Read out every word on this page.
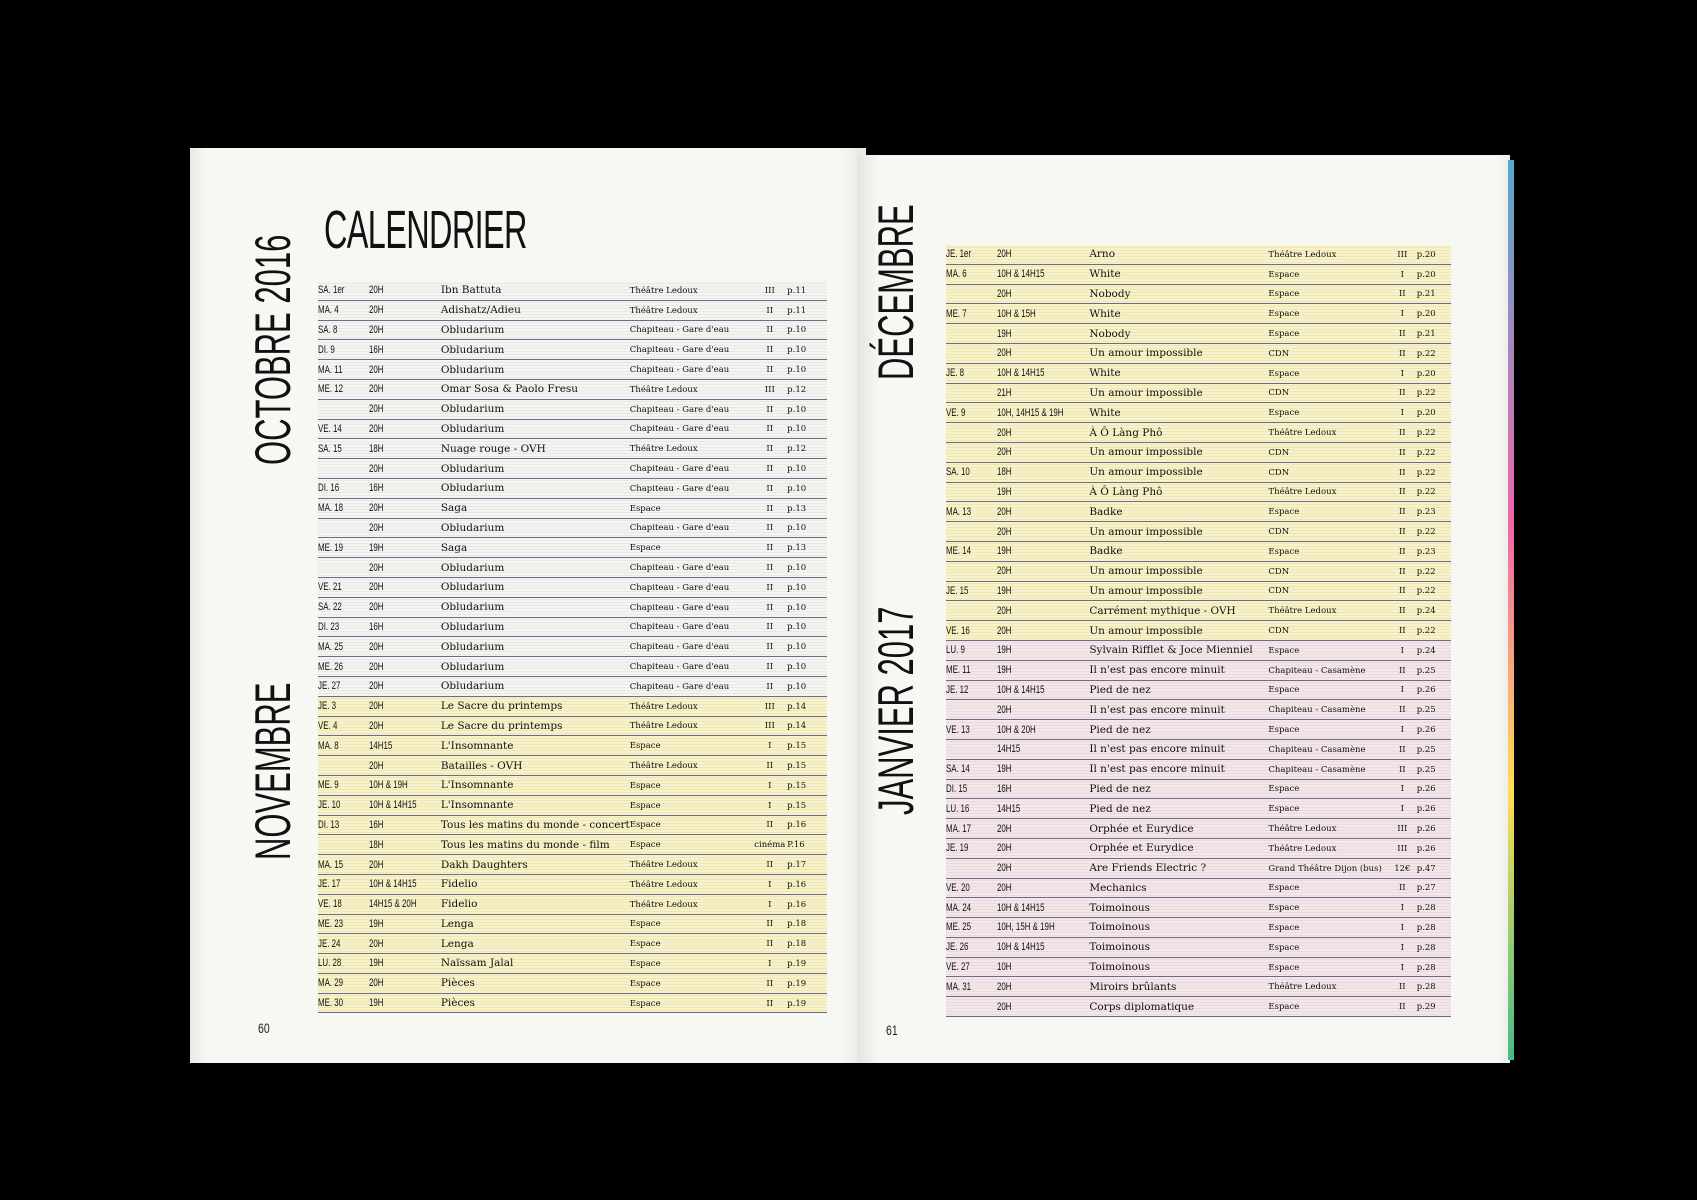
CALENDRIER
OCTOBRE 2016
NOVEMBRE
DÉCEMBRE
JANVIER 2017
SA. 1er	20H	Ibn Battuta	Théâtre Ledoux	III	p.11
MA. 4	20H	Adishatz/Adieu	Théâtre Ledoux	II	p.11
SA. 8	20H	Obludarium	Chapiteau - Gare d'eau	II	p.10
DI. 9	16H	Obludarium	Chapiteau - Gare d'eau	II	p.10
MA. 11	20H	Obludarium	Chapiteau - Gare d'eau	II	p.10
ME. 12	20H	Omar Sosa & Paolo Fresu	Théâtre Ledoux	III	p.12
	20H	Obludarium	Chapiteau - Gare d'eau	II	p.10
VE. 14	20H	Obludarium	Chapiteau - Gare d'eau	II	p.10
SA. 15	18H	Nuage rouge - OVH	Théâtre Ledoux	II	p.12
	20H	Obludarium	Chapiteau - Gare d'eau	II	p.10
DI. 16	16H	Obludarium	Chapiteau - Gare d'eau	II	p.10
MA. 18	20H	Saga	Espace	II	p.13
	20H	Obludarium	Chapiteau - Gare d'eau	II	p.10
ME. 19	19H	Saga	Espace	II	p.13
	20H	Obludarium	Chapiteau - Gare d'eau	II	p.10
VE. 21	20H	Obludarium	Chapiteau - Gare d'eau	II	p.10
SA. 22	20H	Obludarium	Chapiteau - Gare d'eau	II	p.10
DI. 23	16H	Obludarium	Chapiteau - Gare d'eau	II	p.10
MA. 25	20H	Obludarium	Chapiteau - Gare d'eau	II	p.10
ME. 26	20H	Obludarium	Chapiteau - Gare d'eau	II	p.10
JE. 27	20H	Obludarium	Chapiteau - Gare d'eau	II	p.10
JE. 3	20H	Le Sacre du printemps	Théâtre Ledoux	III	p.14
VE. 4	20H	Le Sacre du printemps	Théâtre Ledoux	III	p.14
MA. 8	14H15	L'Insomnante	Espace	I	p.15
	20H	Batailles - OVH	Théâtre Ledoux	II	p.15
ME. 9	10H & 19H	L'Insomnante	Espace	I	p.15
JE. 10	10H & 14H15	L'Insomnante	Espace	I	p.15
DI. 13	16H	Tous les matins du monde - concert	Espace	II	p.16
	18H	Tous les matins du monde - film	Espace	cinéma	P.16
MA. 15	20H	Dakh Daughters	Théâtre Ledoux	II	p.17
JE. 17	10H & 14H15	Fidelio	Théâtre Ledoux	I	p.16
VE. 18	14H15 & 20H	Fidelio	Théâtre Ledoux	I	p.16
ME. 23	19H	Lenga	Espace	II	p.18
JE. 24	20H	Lenga	Espace	II	p.18
LU. 28	19H	Naïssam Jalal	Espace	I	p.19
MA. 29	20H	Pièces	Espace	II	p.19
ME. 30	19H	Pièces	Espace	II	p.19
JE. 1er	20H	Arno	Théâtre Ledoux	III	p.20
MA. 6	10H & 14H15	White	Espace	I	p.20
	20H	Nobody	Espace	II	p.21
ME. 7	10H & 15H	White	Espace	I	p.20
	19H	Nobody	Espace	II	p.21
	20H	Un amour impossible	CDN	II	p.22
JE. 8	10H & 14H15	White	Espace	I	p.20
	21H	Un amour impossible	CDN	II	p.22
VE. 9	10H, 14H15 & 19H	White	Espace	I	p.20
	20H	À Ô Làng Phô	Théâtre Ledoux	II	p.22
	20H	Un amour impossible	CDN	II	p.22
SA. 10	18H	Un amour impossible	CDN	II	p.22
	19H	À Ô Làng Phô	Théâtre Ledoux	II	p.22
MA. 13	20H	Badke	Espace	II	p.23
	20H	Un amour impossible	CDN	II	p.22
ME. 14	19H	Badke	Espace	II	p.23
	20H	Un amour impossible	CDN	II	p.22
JE. 15	19H	Un amour impossible	CDN	II	p.22
	20H	Carrément mythique - OVH	Théâtre Ledoux	II	p.24
VE. 16	20H	Un amour impossible	CDN	II	p.22
LU. 9	19H	Sylvain Rifflet & Joce Mienniel	Espace	I	p.24
ME. 11	19H	Il n'est pas encore minuit	Chapiteau - Casamène	II	p.25
JE. 12	10H & 14H15	Pied de nez	Espace	I	p.26
	20H	Il n'est pas encore minuit	Chapiteau - Casamène	II	p.25
VE. 13	10H & 20H	Pied de nez	Espace	I	p.26
	14H15	Il n'est pas encore minuit	Chapiteau - Casamène	II	p.25
SA. 14	19H	Il n'est pas encore minuit	Chapiteau - Casamène	II	p.25
DI. 15	16H	Pied de nez	Espace	I	p.26
LU. 16	14H15	Pied de nez	Espace	I	p.26
MA. 17	20H	Orphée et Eurydice	Théâtre Ledoux	III	p.26
JE. 19	20H	Orphée et Eurydice	Théâtre Ledoux	III	p.26
	20H	Are Friends Electric ?	Grand Théâtre Dijon (bus)	12€	p.47
VE. 20	20H	Mechanics	Espace	II	p.27
MA. 24	10H & 14H15	Toimoinous	Espace	I	p.28
ME. 25	10H, 15H & 19H	Toimoinous	Espace	I	p.28
JE. 26	10H & 14H15	Toimoinous	Espace	I	p.28
VE. 27	10H	Toimoinous	Espace	I	p.28
MA. 31	20H	Miroirs brûlants	Théâtre Ledoux	II	p.28
	20H	Corps diplomatique	Espace	II	p.29
60	61
